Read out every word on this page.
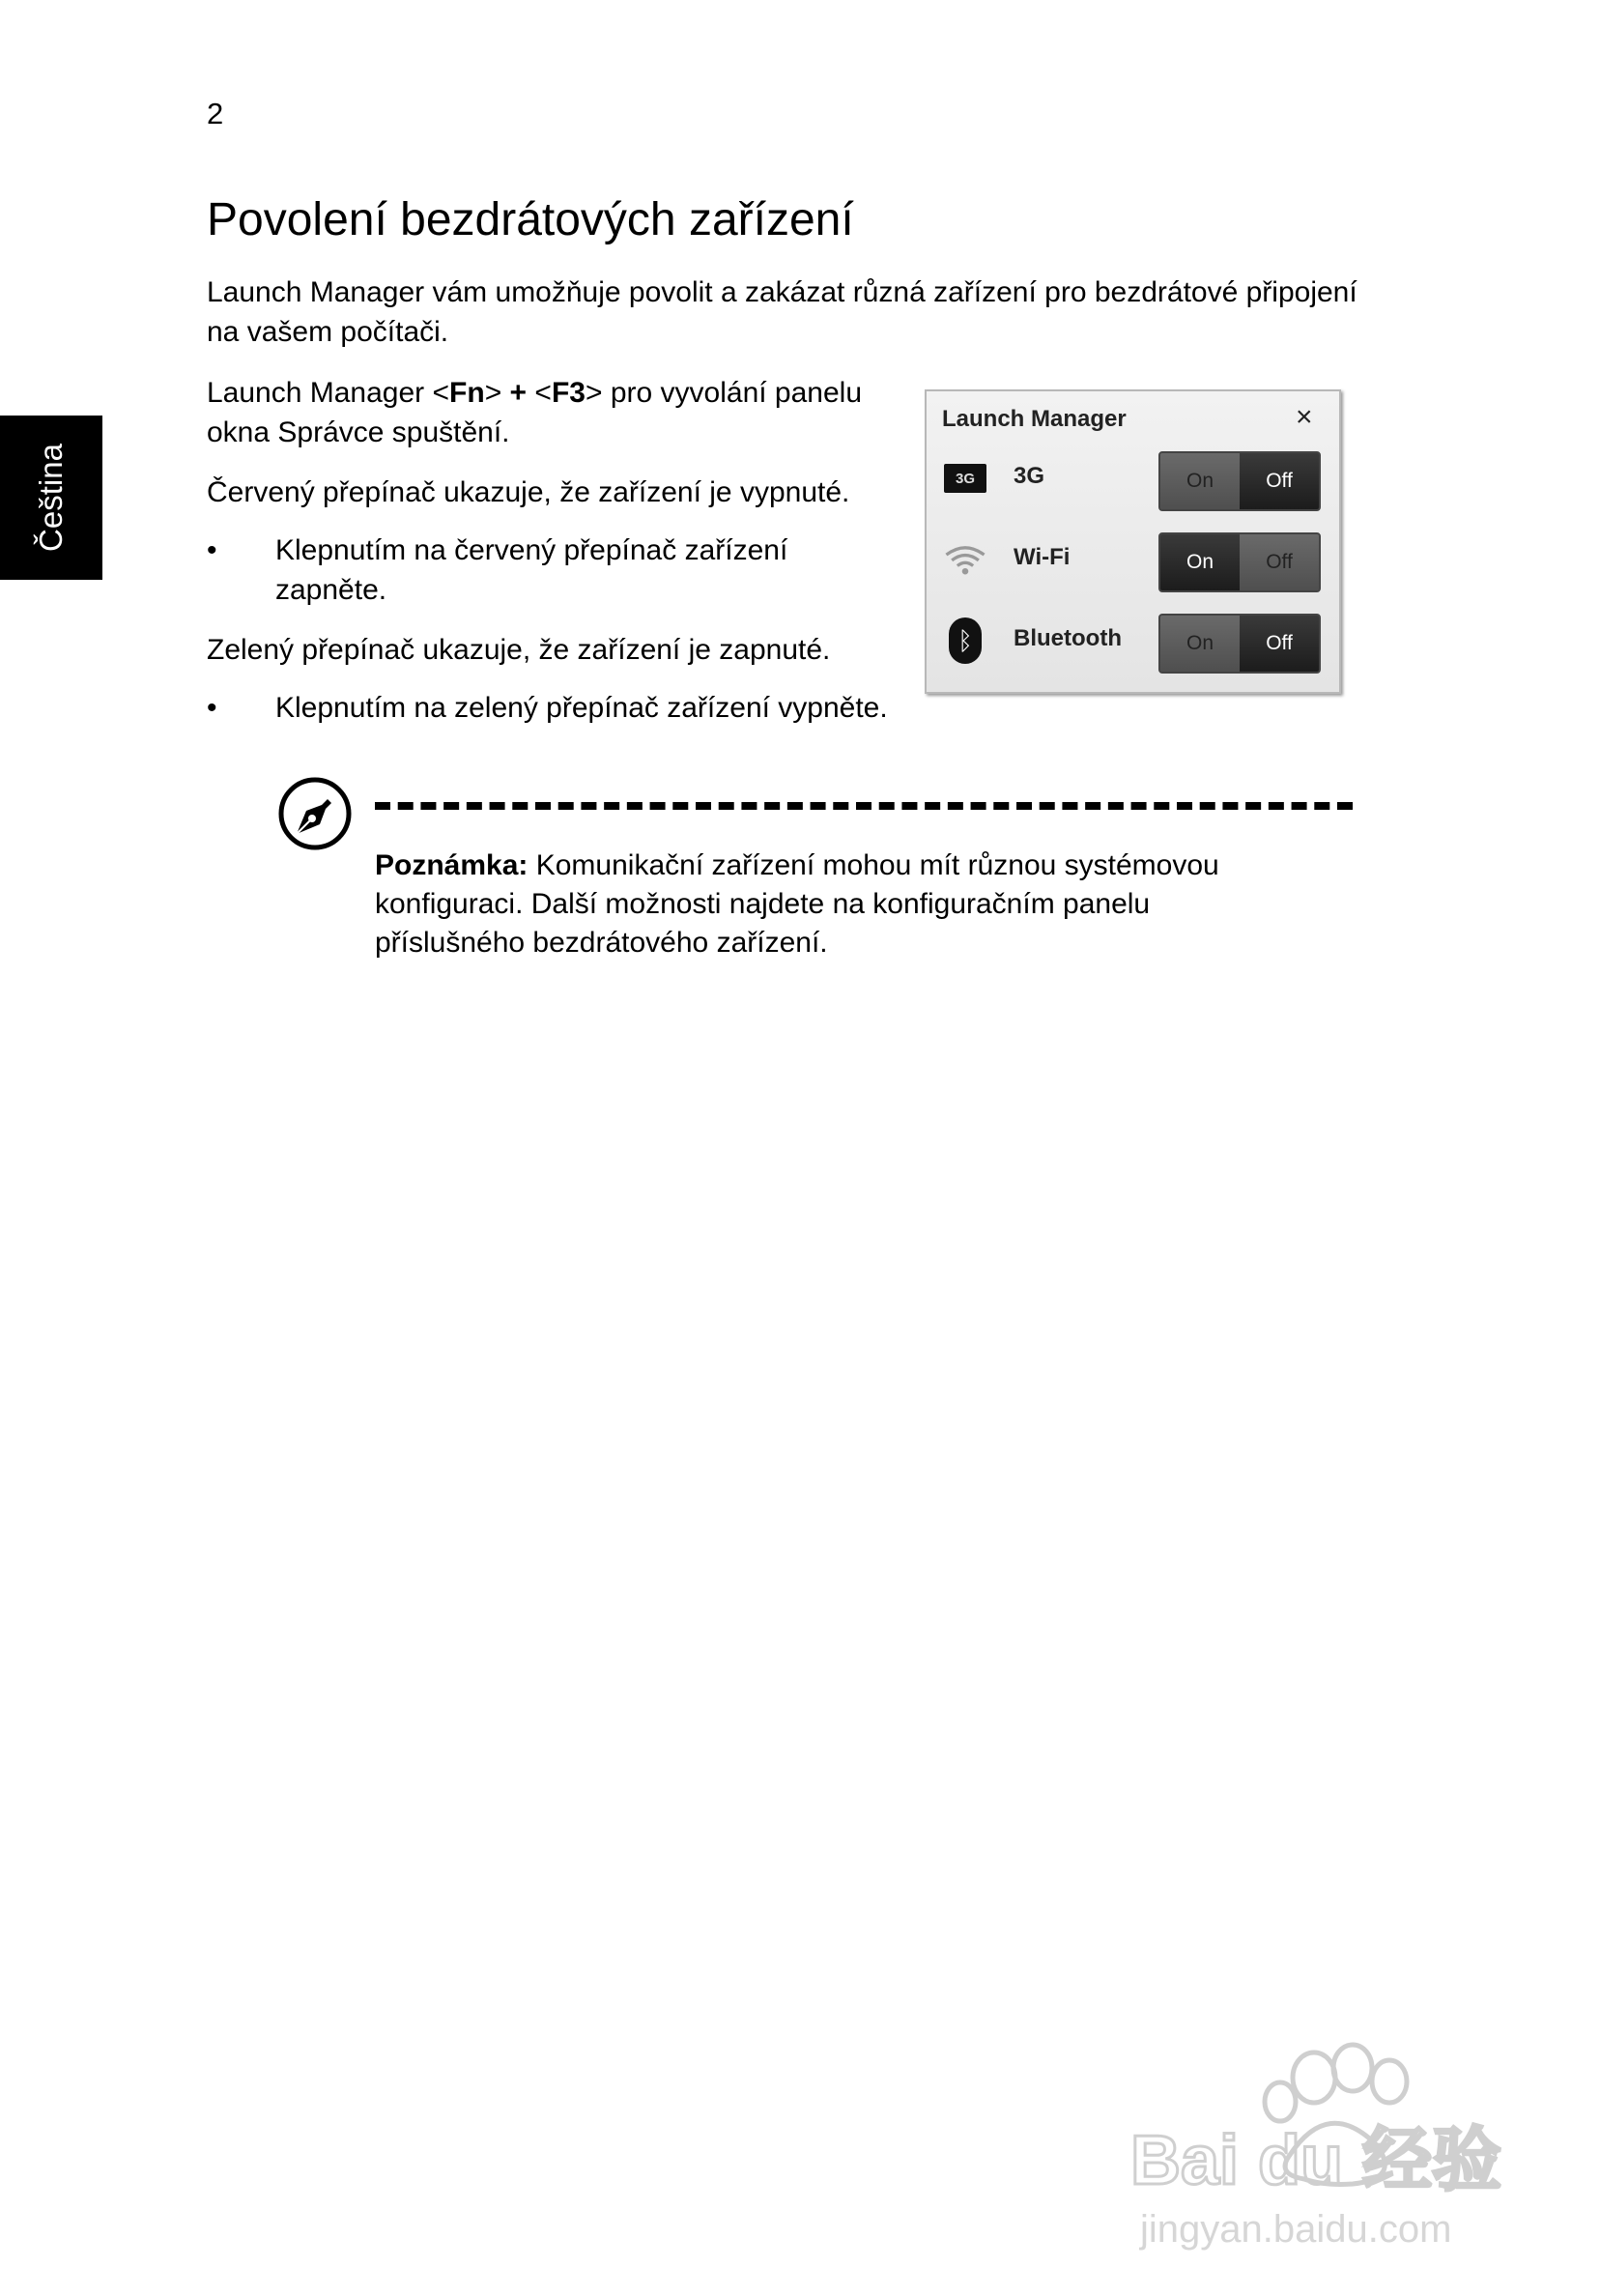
2
Čeština
Povolení bezdrátových zařízení

Launch Manager vám umožňuje povolit a zakázat různá zařízení pro bezdrátové připojení na vašem počítači.

Launch Manager <Fn> + <F3> pro vyvolání panelu okna Správce spuštění.

Červený přepínač ukazuje, že zařízení je vypnuté.

• Klepnutím na červený přepínač zařízení zapněte.

Zelený přepínač ukazuje, že zařízení je zapnuté.

• Klepnutím na zelený přepínač zařízení vypněte.
Launch Manager	×
3G	3G	On	Off
Wi-Fi	On	Off
ᛒ	Bluetooth	On	Off

Poznámka: Komunikační zařízení mohou mít různou systémovou konfiguraci. Další možnosti najdete na konfiguračním panelu příslušného bezdrátového zařízení.

Bai du 经验
jingyan.baidu.com
